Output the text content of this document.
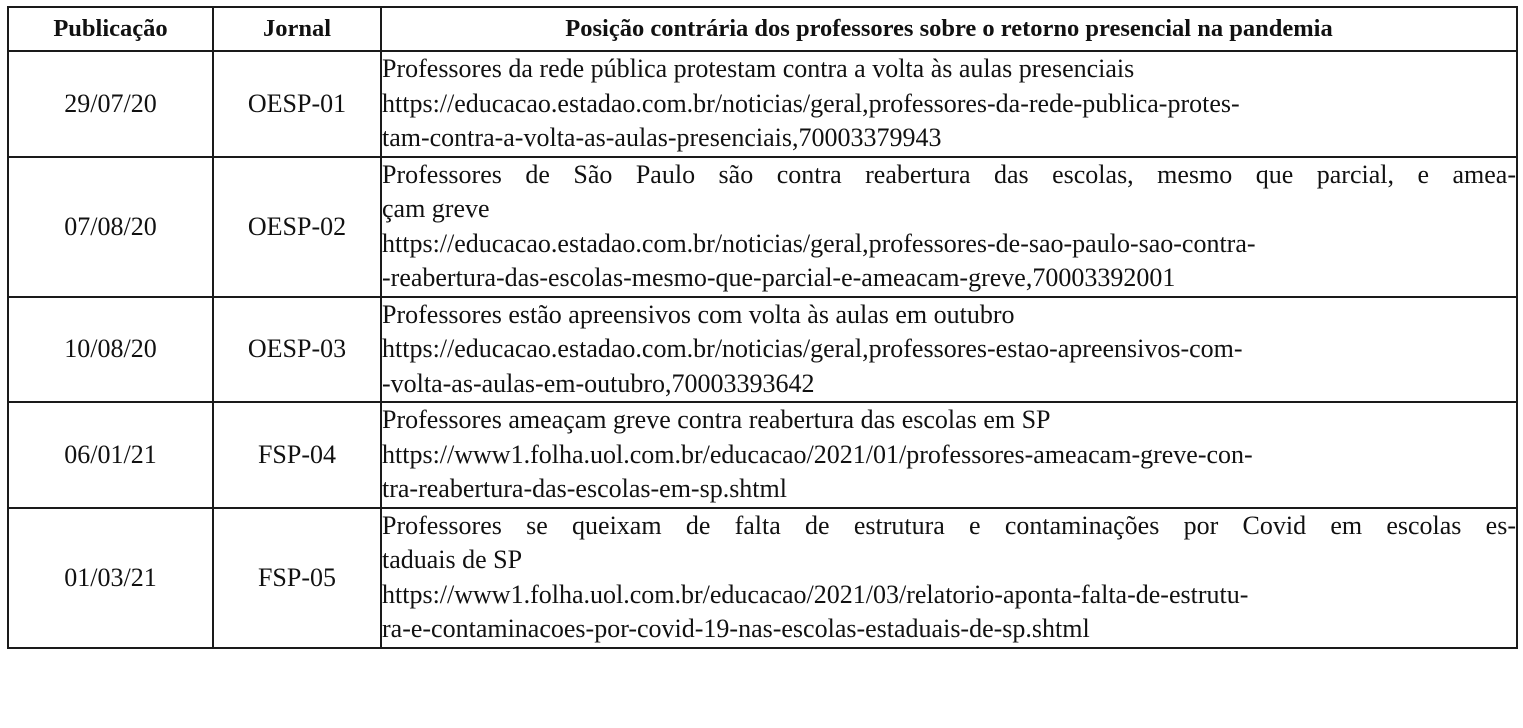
Publicação	Jornal	Posição contrária dos professores sobre o retorno presencial na pandemia
29/07/20	OESP-01	Professores da rede pública protestam contra a volta às aulas presenciais
https://educacao.estadao.com.br/noticias/geral,professores-da-rede-publica-protes-
tam-contra-a-volta-as-aulas-presenciais,70003379943

07/08/20	OESP-02	Professores de São Paulo são contra reabertura das escolas, mesmo que parcial, e amea-
çam greve
https://educacao.estadao.com.br/noticias/geral,professores-de-sao-paulo-sao-contra-
-reabertura-das-escolas-mesmo-que-parcial-e-ameacam-greve,70003392001

10/08/20	OESP-03	Professores estão apreensivos com volta às aulas em outubro
https://educacao.estadao.com.br/noticias/geral,professores-estao-apreensivos-com-
-volta-as-aulas-em-outubro,70003393642

06/01/21	FSP-04	Professores ameaçam greve contra reabertura das escolas em SP
https://www1.folha.uol.com.br/educacao/2021/01/professores-ameacam-greve-con-
tra-reabertura-das-escolas-em-sp.shtml

01/03/21	FSP-05	Professores se queixam de falta de estrutura e contaminações por Covid em escolas es-
taduais de SP
https://www1.folha.uol.com.br/educacao/2021/03/relatorio-aponta-falta-de-estrutu-
ra-e-contaminacoes-por-covid-19-nas-escolas-estaduais-de-sp.shtml
